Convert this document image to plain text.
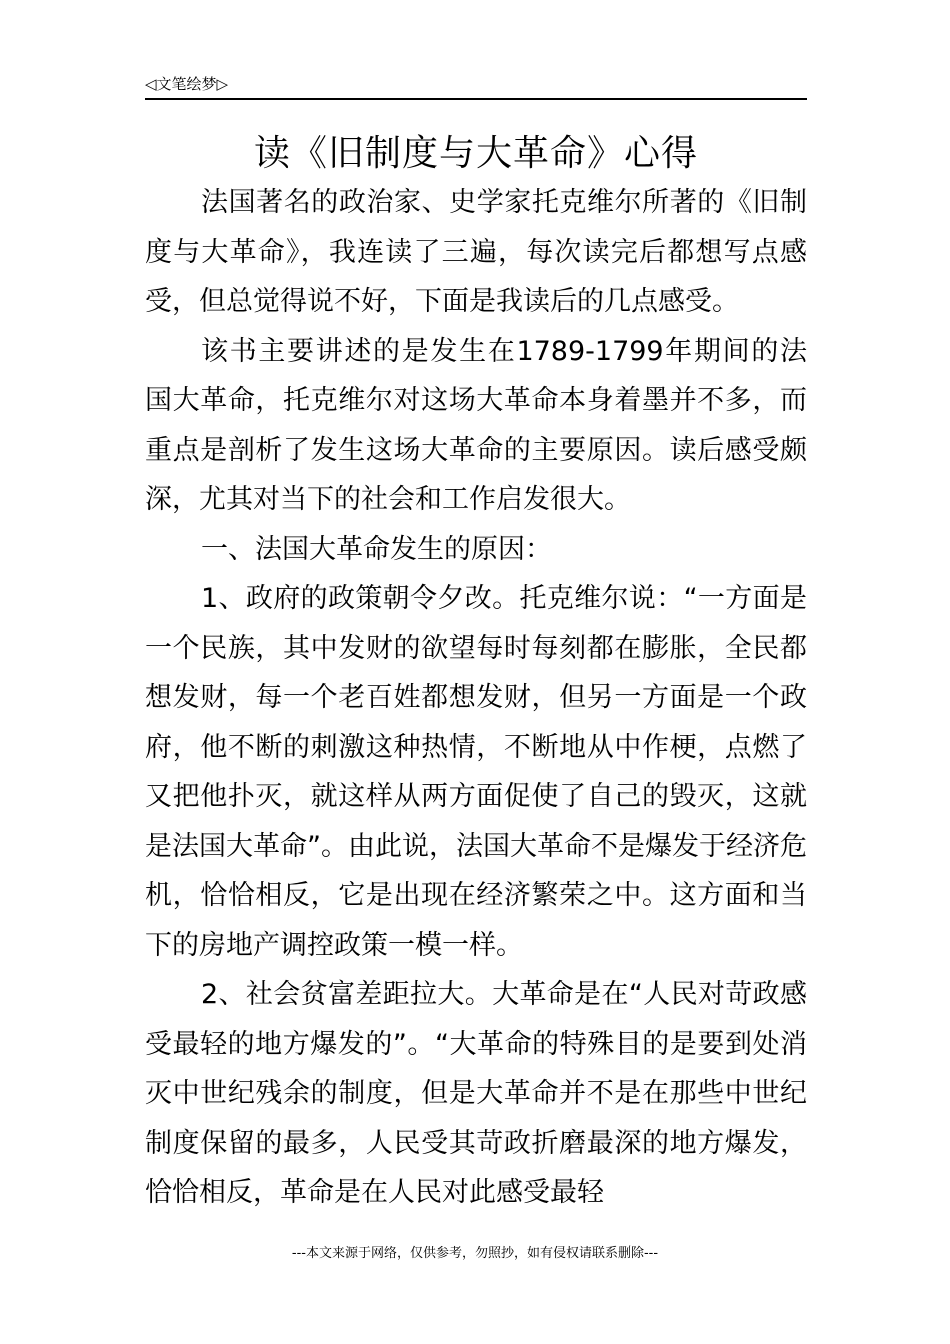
◁文笔绘梦▷
读《旧制度与大革命》心得

法国著名的政治家、史学家托克维尔所著的《旧制度与大革命》，我连读了三遍，每次读完后都想写点感受，但总觉得说不好，下面是我读后的几点感受。

该书主要讲述的是发生在1789-1799年期间的法国大革命，托克维尔对这场大革命本身着墨并不多，而重点是剖析了发生这场大革命的主要原因。读后感受颇深，尤其对当下的社会和工作启发很大。

一、法国大革命发生的原因：

1、政府的政策朝令夕改。托克维尔说：“一方面是一个民族，其中发财的欲望每时每刻都在膨胀，全民都想发财，每一个老百姓都想发财，但另一方面是一个政府，他不断的刺激这种热情，不断地从中作梗，点燃了又把他扑灭，就这样从两方面促使了自己的毁灭，这就是法国大革命”。由此说，法国大革命不是爆发于经济危机，恰恰相反，它是出现在经济繁荣之中。这方面和当下的房地产调控政策一模一样。

2、社会贫富差距拉大。大革命是在“人民对苛政感受最轻的地方爆发的”。“大革命的特殊目的是要到处消灭中世纪残余的制度，但是大革命并不是在那些中世纪制度保留的最多，人民受其苛政折磨最深的地方爆发，恰恰相反，革命是在人民对此感受最轻

---本文来源于网络，仅供参考，勿照抄，如有侵权请联系删除---
